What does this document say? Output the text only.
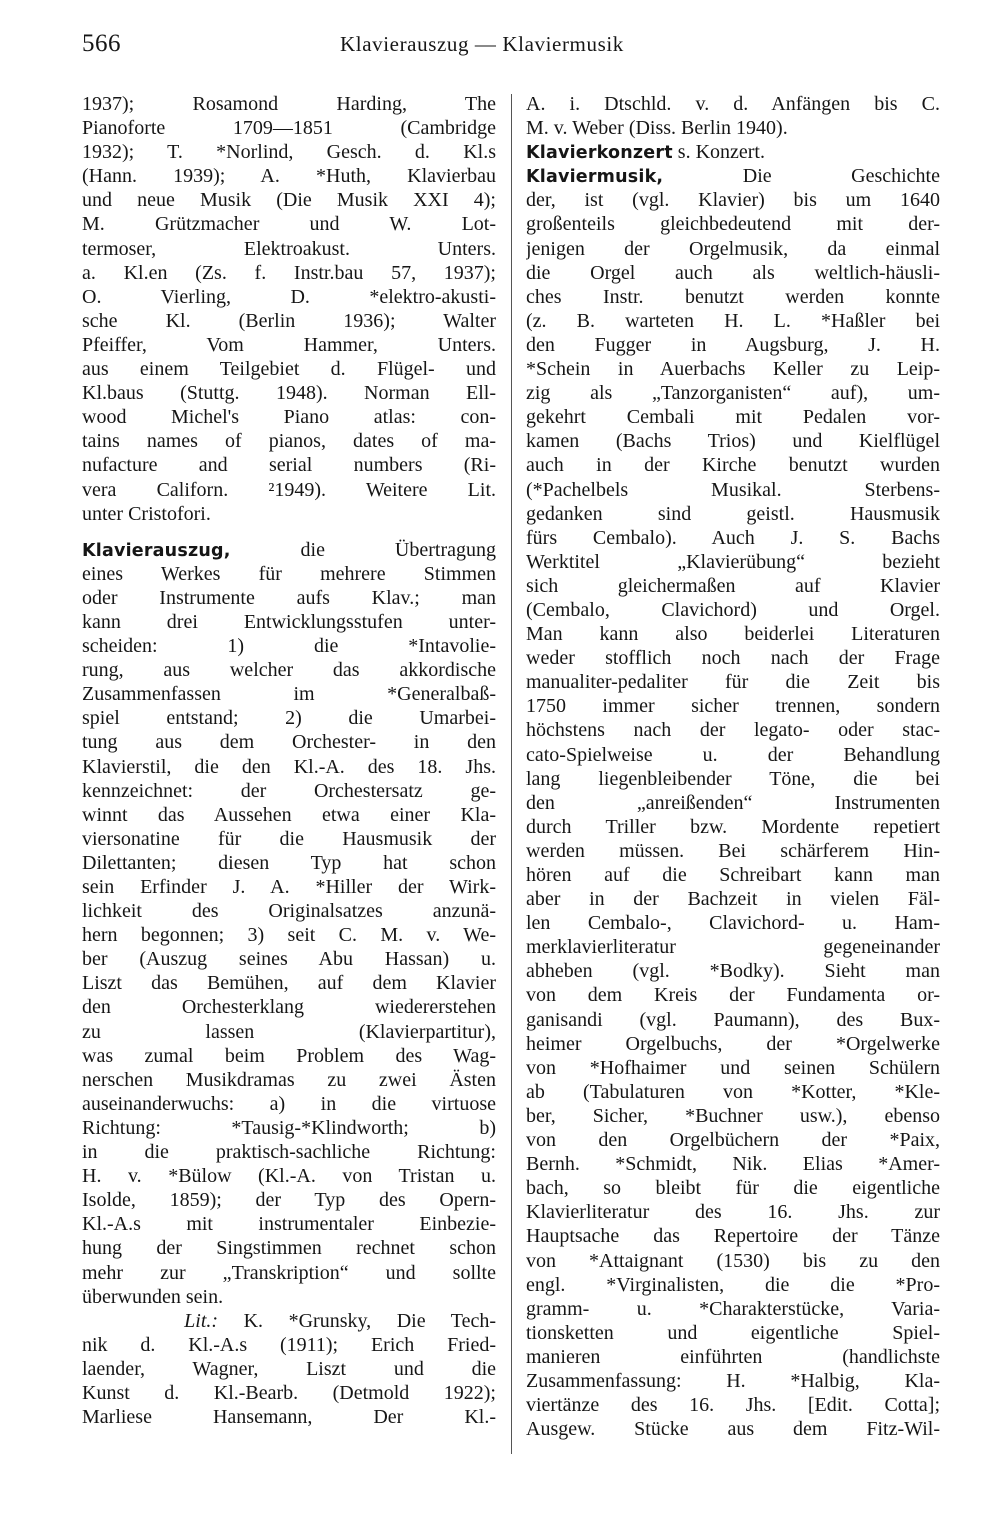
566	Klavierauszug — Klaviermusik
1937); Rosamond Harding, The
Pianoforte 1709—1851 (Cambridge
1932); T. *Norlind, Gesch. d. Kl.s
(Hann. 1939); A. *Huth, Klavierbau
und neue Musik (Die Musik XXI 4);
M. Grützmacher und W. Lot-
termoser, Elektroakust. Unters.
a. Kl.en (Zs. f. Instr.bau 57, 1937);
O. Vierling, D. *elektro-akusti-
sche Kl. (Berlin 1936); Walter
Pfeiffer, Vom Hammer, Unters.
aus einem Teilgebiet d. Flügel- und
Kl.baus (Stuttg. 1948). Norman Ell-
wood Michel's Piano atlas: con-
tains names of pianos, dates of ma-
nufacture and serial numbers (Ri-
vera Californ. ²1949). Weitere Lit.
unter Cristofori.
Klavierauszug, die Übertragung
eines Werkes für mehrere Stimmen
oder Instrumente aufs Klav.; man
kann drei Entwicklungsstufen unter-
scheiden: 1) die *Intavolie-
rung, aus welcher das akkordische
Zusammenfassen im *Generalbaß-
spiel entstand; 2) die Umarbei-
tung aus dem Orchester- in den
Klavierstil, die den Kl.-A. des 18. Jhs.
kennzeichnet: der Orchestersatz ge-
winnt das Aussehen etwa einer Kla-
viersonatine für die Hausmusik der
Dilettanten; diesen Typ hat schon
sein Erfinder J. A. *Hiller der Wirk-
lichkeit des Originalsatzes anzunä-
hern begonnen; 3) seit C. M. v. We-
ber (Auszug seines Abu Hassan) u.
Liszt das Bemühen, auf dem Klavier
den Orchesterklang wiedererstehen
zu lassen (Klavierpartitur),
was zumal beim Problem des Wag-
nerschen Musikdramas zu zwei Ästen
auseinanderwuchs: a) in die virtuose
Richtung: *Tausig-*Klindworth; b)
in die praktisch-sachliche Richtung:
H. v. *Bülow (Kl.-A. von Tristan u.
Isolde, 1859); der Typ des Opern-
Kl.-A.s mit instrumentaler Einbezie-
hung der Singstimmen rechnet schon
mehr zur „Transkription“ und sollte
überwunden sein.
Lit.: K. *Grunsky, Die Tech-
nik d. Kl.-A.s (1911); Erich Fried-
laender, Wagner, Liszt und die
Kunst d. Kl.-Bearb. (Detmold 1922);
Marliese Hansemann, Der Kl.-
A. i. Dtschld. v. d. Anfängen bis C.
M. v. Weber (Diss. Berlin 1940).
Klavierkonzert s. Konzert.
Klaviermusik, Die Geschichte
der, ist (vgl. Klavier) bis um 1640
großenteils gleichbedeutend mit der-
jenigen der Orgelmusik, da einmal
die Orgel auch als weltlich-häusli-
ches Instr. benutzt werden konnte
(z. B. warteten H. L. *Haßler bei
den Fugger in Augsburg, J. H.
*Schein in Auerbachs Keller zu Leip-
zig als „Tanzorganisten“ auf), um-
gekehrt Cembali mit Pedalen vor-
kamen (Bachs Trios) und Kielflügel
auch in der Kirche benutzt wurden
(*Pachelbels Musikal. Sterbens-
gedanken sind geistl. Hausmusik
fürs Cembalo). Auch J. S. Bachs
Werktitel „Klavierübung“ bezieht
sich gleichermaßen auf Klavier
(Cembalo, Clavichord) und Orgel.
Man kann also beiderlei Literaturen
weder stofflich noch nach der Frage
manualiter-pedaliter für die Zeit bis
1750 immer sicher trennen, sondern
höchstens nach der legato- oder stac-
cato-Spielweise u. der Behandlung
lang liegenbleibender Töne, die bei
den „anreißenden“ Instrumenten
durch Triller bzw. Mordente repetiert
werden müssen. Bei schärferem Hin-
hören auf die Schreibart kann man
aber in der Bachzeit in vielen Fäl-
len Cembalo-, Clavichord- u. Ham-
merklavierliteratur gegeneinander
abheben (vgl. *Bodky). Sieht man
von dem Kreis der Fundamenta or-
ganisandi (vgl. Paumann), des Bux-
heimer Orgelbuchs, der *Orgelwerke
von *Hofhaimer und seinen Schülern
ab (Tabulaturen von *Kotter, *Kle-
ber, Sicher, *Buchner usw.), ebenso
von den Orgelbüchern der *Paix,
Bernh. *Schmidt, Nik. Elias *Amer-
bach, so bleibt für die eigentliche
Klavierliteratur des 16. Jhs. zur
Hauptsache das Repertoire der Tänze
von *Attaignant (1530) bis zu den
engl. *Virginalisten, die die *Pro-
gramm- u. *Charakterstücke, Varia-
tionsketten und eigentliche Spiel-
manieren einführten (handlichste
Zusammenfassung: H. *Halbig, Kla-
viertänze des 16. Jhs. [Edit. Cotta];
Ausgew. Stücke aus dem Fitz-Wil-
